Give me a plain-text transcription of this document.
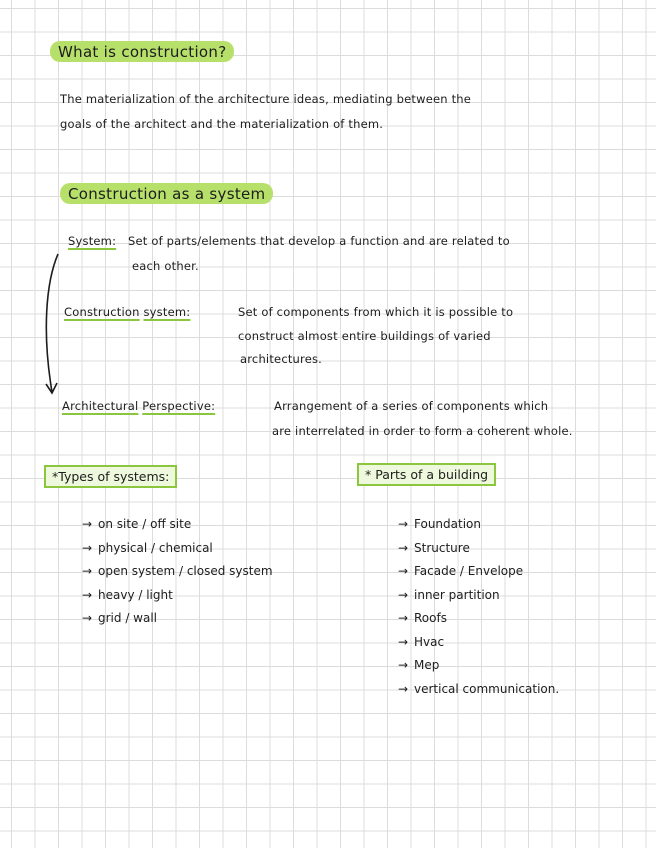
What is construction?
The materialization of the architecture ideas, mediating between the
goals of the architect and the materialization of them.
Construction as a system
System: Set of parts/elements that develop a function and are related to
each other.
Construction system:	Set of components from which it is possible to
construct almost entire buildings of varied
architectures.
Architectural Perspective:	Arrangement of a series of components which
are interrelated in order to form a coherent whole.
*Types of systems:
→ on site / off site
→ physical / chemical
→ open system / closed system
→ heavy / light
→ grid / wall
* Parts of a building
→ Foundation
→ Structure
→ Facade / Envelope
→ inner partition
→ Roofs
→ Hvac
→ Mep
→ vertical communication.
